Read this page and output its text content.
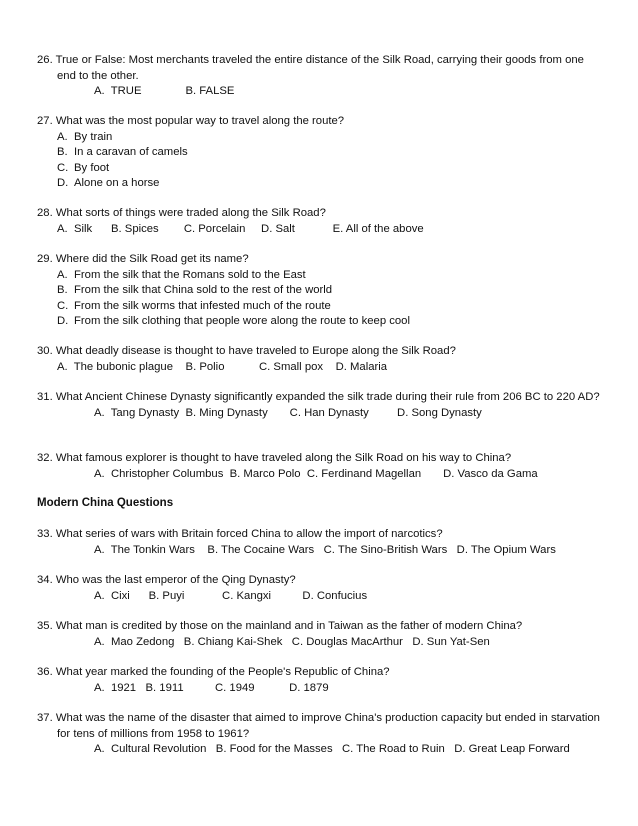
26. True or False: Most merchants traveled the entire distance of the Silk Road, carrying their goods from one end to the other.
A.  TRUE              B. FALSE
27. What was the most popular way to travel along the route?
A. By train
B. In a caravan of camels
C. By foot
D. Alone on a horse
28. What sorts of things were traded along the Silk Road?
A.  Silk      B. Spices        C. Porcelain     D. Salt            E. All of the above
29. Where did the Silk Road get its name?
A. From the silk that the Romans sold to the East
B. From the silk that China sold to the rest of the world
C. From the silk worms that infested much of the route
D. From the silk clothing that people wore along the route to keep cool
30. What deadly disease is thought to have traveled to Europe along the Silk Road?
A.  The bubonic plague    B. Polio           C. Small pox    D. Malaria
31. What Ancient Chinese Dynasty significantly expanded the silk trade during their rule from 206 BC to 220 AD?
A.  Tang Dynasty  B. Ming Dynasty       C. Han Dynasty         D. Song Dynasty
32. What famous explorer is thought to have traveled along the Silk Road on his way to China?
A.  Christopher Columbus  B. Marco Polo  C. Ferdinand Magellan       D. Vasco da Gama
Modern China Questions
33. What series of wars with Britain forced China to allow the import of narcotics?
A.  The Tonkin Wars    B. The Cocaine Wars   C. The Sino-British Wars   D. The Opium Wars
34. Who was the last emperor of the Qing Dynasty?
A.  Cixi      B. Puyi            C. Kangxi          D. Confucius
35. What man is credited by those on the mainland and in Taiwan as the father of modern China?
A.  Mao Zedong   B. Chiang Kai-Shek   C. Douglas MacArthur   D. Sun Yat-Sen
36. What year marked the founding of the People's Republic of China?
A.  1921   B. 1911          C. 1949           D. 1879
37. What was the name of the disaster that aimed to improve China's production capacity but ended in starvation for tens of millions from 1958 to 1961?
A.  Cultural Revolution   B. Food for the Masses   C. The Road to Ruin   D. Great Leap Forward
